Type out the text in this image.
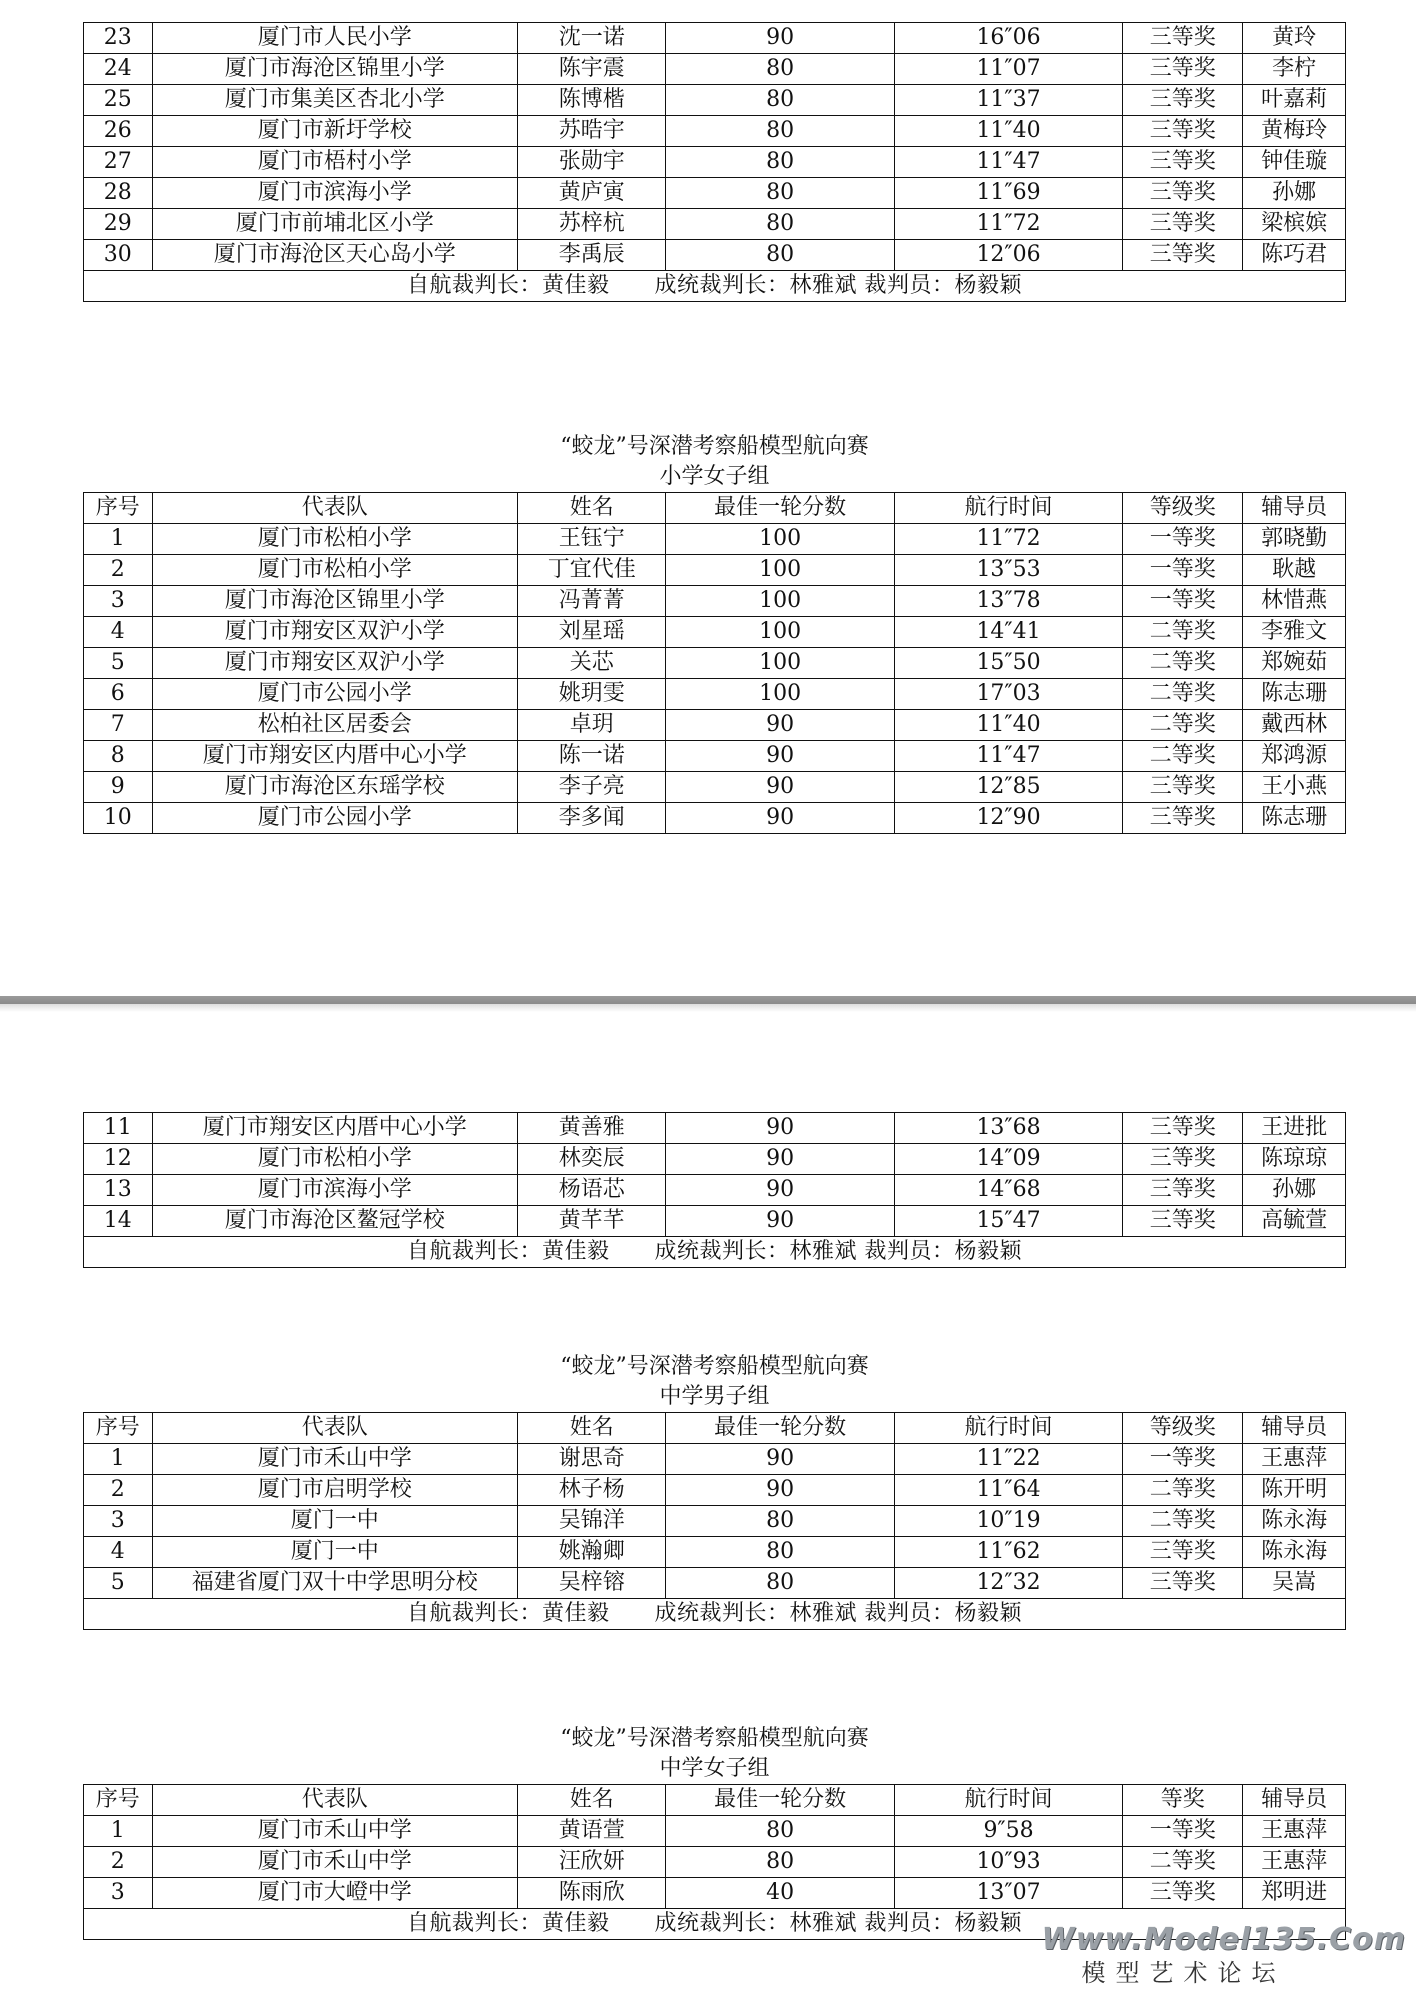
23	厦门市人民小学	沈一诺	90	16″06	三等奖	黄玲
24	厦门市海沧区锦里小学	陈宇震	80	11″07	三等奖	李柠
25	厦门市集美区杏北小学	陈博楷	80	11″37	三等奖	叶嘉莉
26	厦门市新圩学校	苏晧宇	80	11″40	三等奖	黄梅玲
27	厦门市梧村小学	张勋宇	80	11″47	三等奖	钟佳璇
28	厦门市滨海小学	黄庐寅	80	11″69	三等奖	孙娜
29	厦门市前埔北区小学	苏梓杭	80	11″72	三等奖	梁槟嫔
30	厦门市海沧区天心岛小学	李禹辰	80	12″06	三等奖	陈巧君
自航裁判长：黄佳毅　　成统裁判长：林雅斌 裁判员：杨毅颖						
“蛟龙”号深潜考察船模型航向赛
小学女子组
序号	代表队	姓名	最佳一轮分数	航行时间	等级奖	辅导员
1	厦门市松柏小学	王钰宁	100	11″72	一等奖	郭晓勤
2	厦门市松柏小学	丁宜代佳	100	13″53	一等奖	耿越
3	厦门市海沧区锦里小学	冯菁菁	100	13″78	一等奖	林惜燕
4	厦门市翔安区双沪小学	刘星瑶	100	14″41	二等奖	李雅文
5	厦门市翔安区双沪小学	关芯	100	15″50	二等奖	郑婉茹
6	厦门市公园小学	姚玥雯	100	17″03	二等奖	陈志珊
7	松柏社区居委会	卓玥	90	11″40	二等奖	戴西林
8	厦门市翔安区内厝中心小学	陈一诺	90	11″47	二等奖	郑鸿源
9	厦门市海沧区东瑶学校	李子亮	90	12″85	三等奖	王小燕
10	厦门市公园小学	李多闻	90	12″90	三等奖	陈志珊
11	厦门市翔安区内厝中心小学	黄善雅	90	13″68	三等奖	王进批
12	厦门市松柏小学	林奕辰	90	14″09	三等奖	陈琼琼
13	厦门市滨海小学	杨语芯	90	14″68	三等奖	孙娜
14	厦门市海沧区鳌冠学校	黄芊芊	90	15″47	三等奖	高毓萱
自航裁判长：黄佳毅　　成统裁判长：林雅斌 裁判员：杨毅颖						
“蛟龙”号深潜考察船模型航向赛
中学男子组
序号	代表队	姓名	最佳一轮分数	航行时间	等级奖	辅导员
1	厦门市禾山中学	谢思奇	90	11″22	一等奖	王惠萍
2	厦门市启明学校	林子杨	90	11″64	二等奖	陈开明
3	厦门一中	吴锦洋	80	10″19	二等奖	陈永海
4	厦门一中	姚瀚卿	80	11″62	三等奖	陈永海
5	福建省厦门双十中学思明分校	吴梓镕	80	12″32	三等奖	吴嵩
自航裁判长：黄佳毅　　成统裁判长：林雅斌 裁判员：杨毅颖						
“蛟龙”号深潜考察船模型航向赛
中学女子组
序号	代表队	姓名	最佳一轮分数	航行时间	等奖	辅导员
1	厦门市禾山中学	黄语萱	80	9″58	一等奖	王惠萍
2	厦门市禾山中学	汪欣妍	80	10″93	二等奖	王惠萍
3	厦门市大嶝中学	陈雨欣	40	13″07	三等奖	郑明进
自航裁判长：黄佳毅　　成统裁判长：林雅斌 裁判员：杨毅颖						Www.Model135.Com
模型艺术论坛
